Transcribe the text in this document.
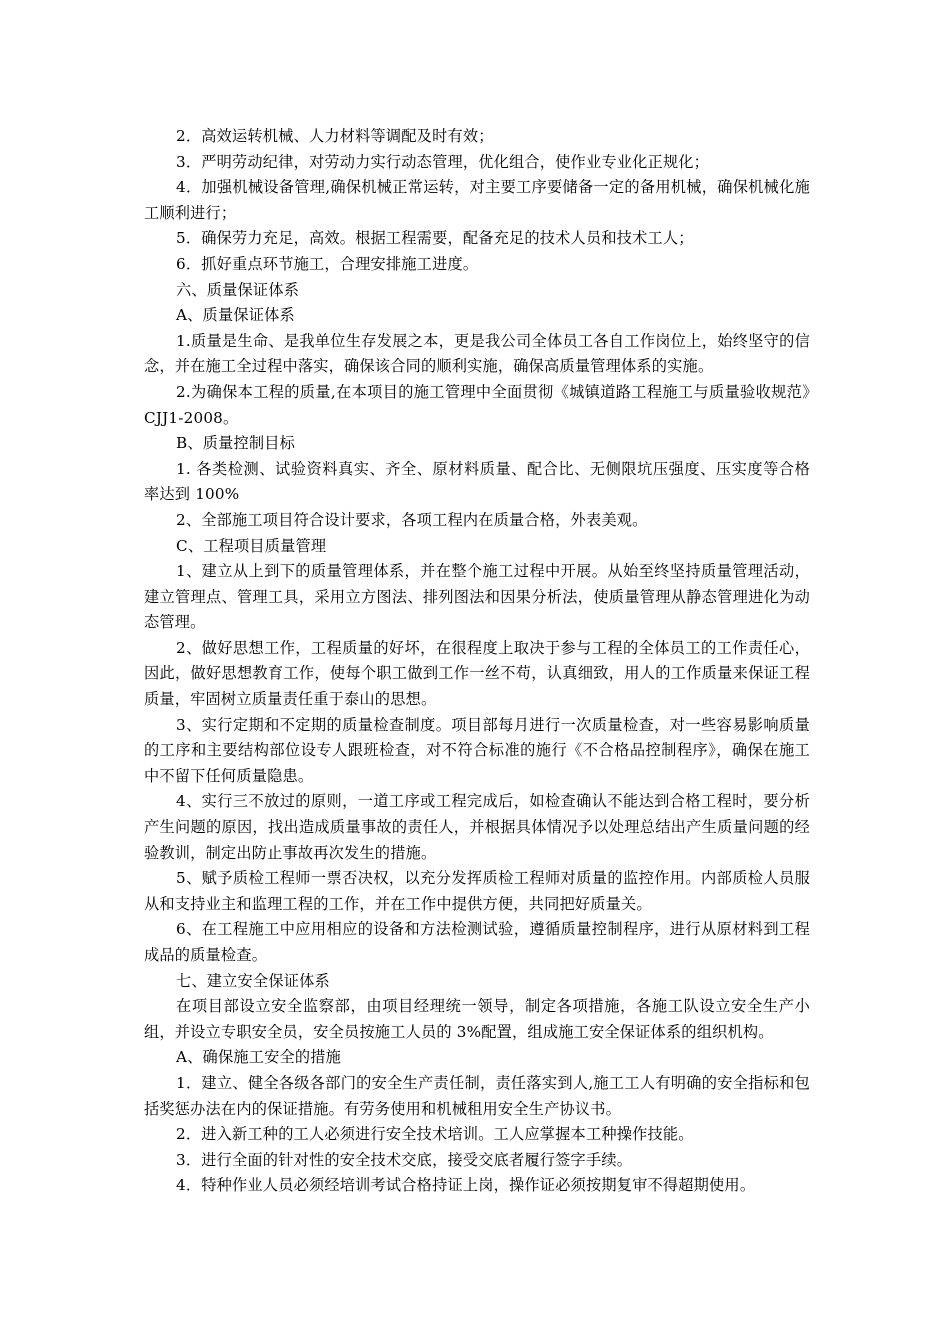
2．高效运转机械、人力材料等调配及时有效；

3．严明劳动纪律，对劳动力实行动态管理，优化组合，使作业专业化正规化；

4．加强机械设备管理,确保机械正常运转，对主要工序要储备一定的备用机械，确保机械化施工顺利进行；

5．确保劳力充足，高效。根据工程需要，配备充足的技术人员和技术工人；

6．抓好重点环节施工，合理安排施工进度。

六、质量保证体系

A、质量保证体系

1.质量是生命、是我单位生存发展之本，更是我公司全体员工各自工作岗位上，始终坚守的信念，并在施工全过程中落实，确保该合同的顺利实施，确保高质量管理体系的实施。

2.为确保本工程的质量,在本项目的施工管理中全面贯彻《城镇道路工程施工与质量验收规范》CJJ1-2008。

B、质量控制目标

1. 各类检测、试验资料真实、齐全、原材料质量、配合比、无侧限坑压强度、压实度等合格率达到 100%

2、全部施工项目符合设计要求，各项工程内在质量合格，外表美观。

C、工程项目质量管理

1、建立从上到下的质量管理体系，并在整个施工过程中开展。从始至终坚持质量管理活动，建立管理点、管理工具，采用立方图法、排列图法和因果分析法，使质量管理从静态管理进化为动态管理。

2、做好思想工作，工程质量的好坏，在很程度上取决于参与工程的全体员工的工作责任心，因此，做好思想教育工作，使每个职工做到工作一丝不苟，认真细致，用人的工作质量来保证工程质量，牢固树立质量责任重于泰山的思想。

3、实行定期和不定期的质量检查制度。项目部每月进行一次质量检查，对一些容易影响质量的工序和主要结构部位设专人跟班检查，对不符合标准的施行《不合格品控制程序》，确保在施工中不留下任何质量隐患。

4、实行三不放过的原则，一道工序或工程完成后，如检查确认不能达到合格工程时，要分析产生问题的原因，找出造成质量事故的责任人，并根据具体情况予以处理总结出产生质量问题的经验教训，制定出防止事故再次发生的措施。

5、赋予质检工程师一票否决权，以充分发挥质检工程师对质量的监控作用。内部质检人员服从和支持业主和监理工程的工作，并在工作中提供方便，共同把好质量关。

6、在工程施工中应用相应的设备和方法检测试验，遵循质量控制程序，进行从原材料到工程成品的质量检查。

七、建立安全保证体系

在项目部设立安全监察部，由项目经理统一领导，制定各项措施，各施工队设立安全生产小组，并设立专职安全员，安全员按施工人员的 3%配置，组成施工安全保证体系的组织机构。

A、确保施工安全的措施

1．建立、健全各级各部门的安全生产责任制，责任落实到人,施工工人有明确的安全指标和包括奖惩办法在内的保证措施。有劳务使用和机械租用安全生产协议书。

2．进入新工种的工人必须进行安全技术培训。工人应掌握本工种操作技能。

3．进行全面的针对性的安全技术交底，接受交底者履行签字手续。

4．特种作业人员必须经培训考试合格持证上岗，操作证必须按期复审不得超期使用。
